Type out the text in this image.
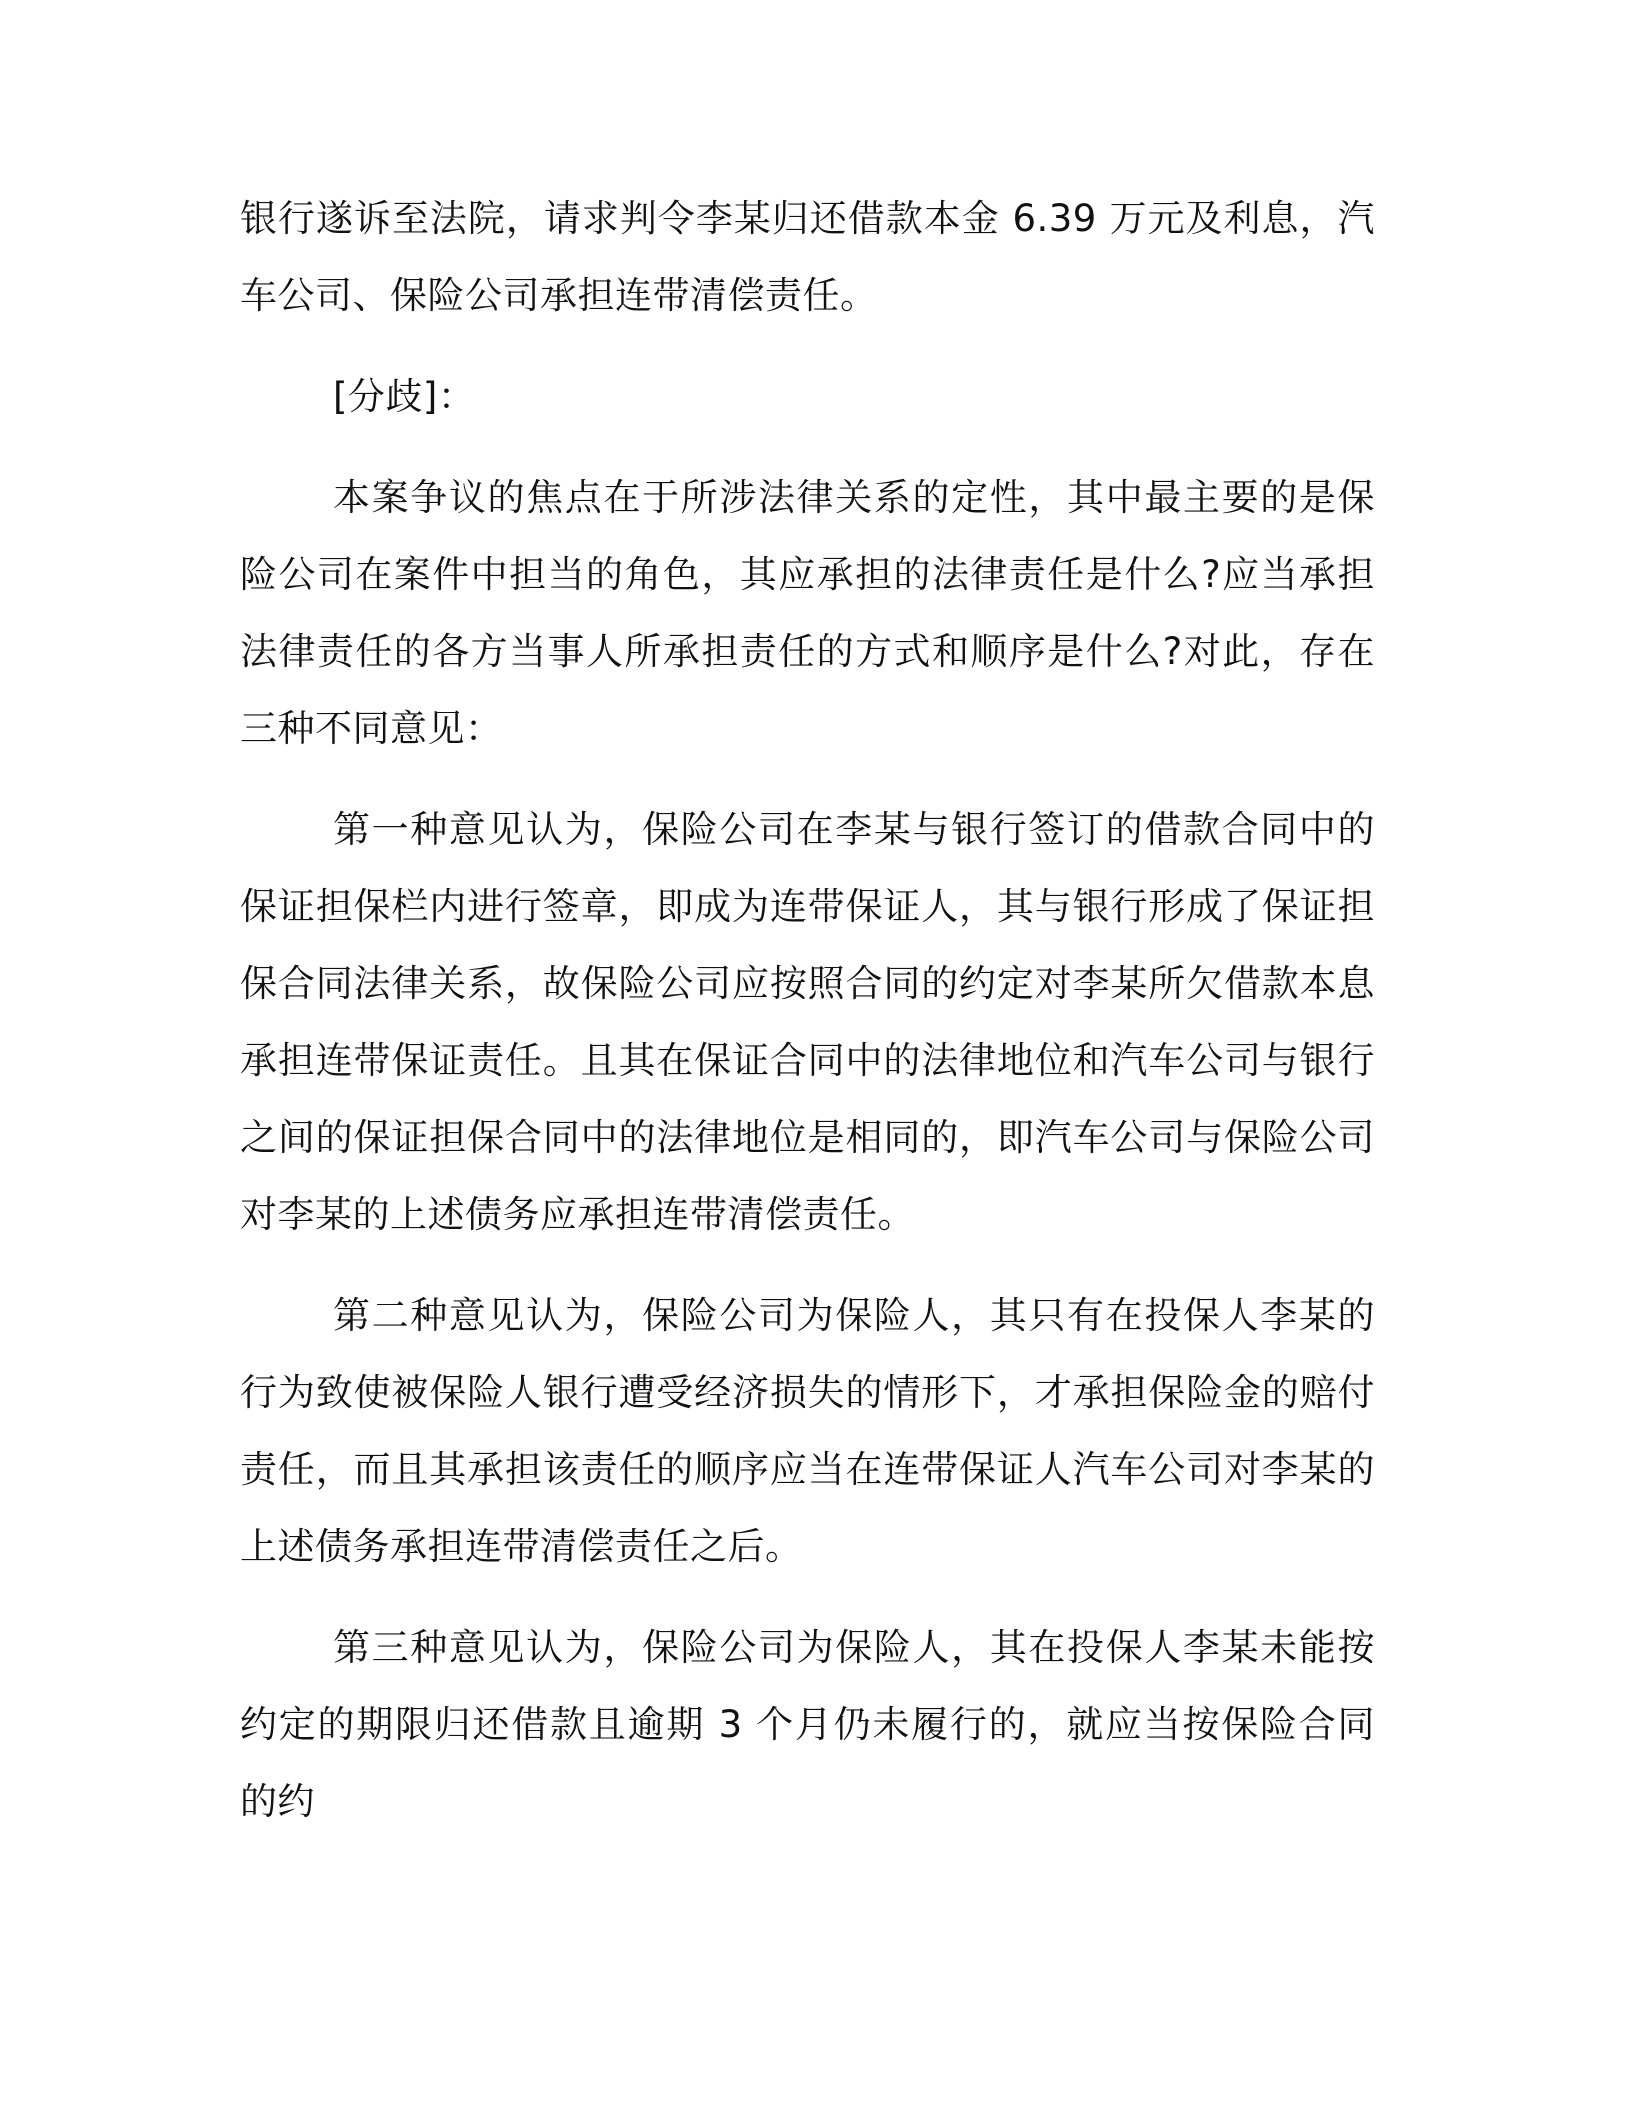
银行遂诉至法院，请求判令李某归还借款本金 6.39 万元及利息，汽车公司、保险公司承担连带清偿责任。

[分歧]：

本案争议的焦点在于所涉法律关系的定性，其中最主要的是保险公司在案件中担当的角色，其应承担的法律责任是什么?应当承担法律责任的各方当事人所承担责任的方式和顺序是什么?对此，存在三种不同意见：

第一种意见认为，保险公司在李某与银行签订的借款合同中的保证担保栏内进行签章，即成为连带保证人，其与银行形成了保证担保合同法律关系，故保险公司应按照合同的约定对李某所欠借款本息承担连带保证责任。且其在保证合同中的法律地位和汽车公司与银行之间的保证担保合同中的法律地位是相同的，即汽车公司与保险公司对李某的上述债务应承担连带清偿责任。

第二种意见认为，保险公司为保险人，其只有在投保人李某的行为致使被保险人银行遭受经济损失的情形下，才承担保险金的赔付责任，而且其承担该责任的顺序应当在连带保证人汽车公司对李某的上述债务承担连带清偿责任之后。

第三种意见认为，保险公司为保险人，其在投保人李某未能按约定的期限归还借款且逾期 3 个月仍未履行的，就应当按保险合同的约
